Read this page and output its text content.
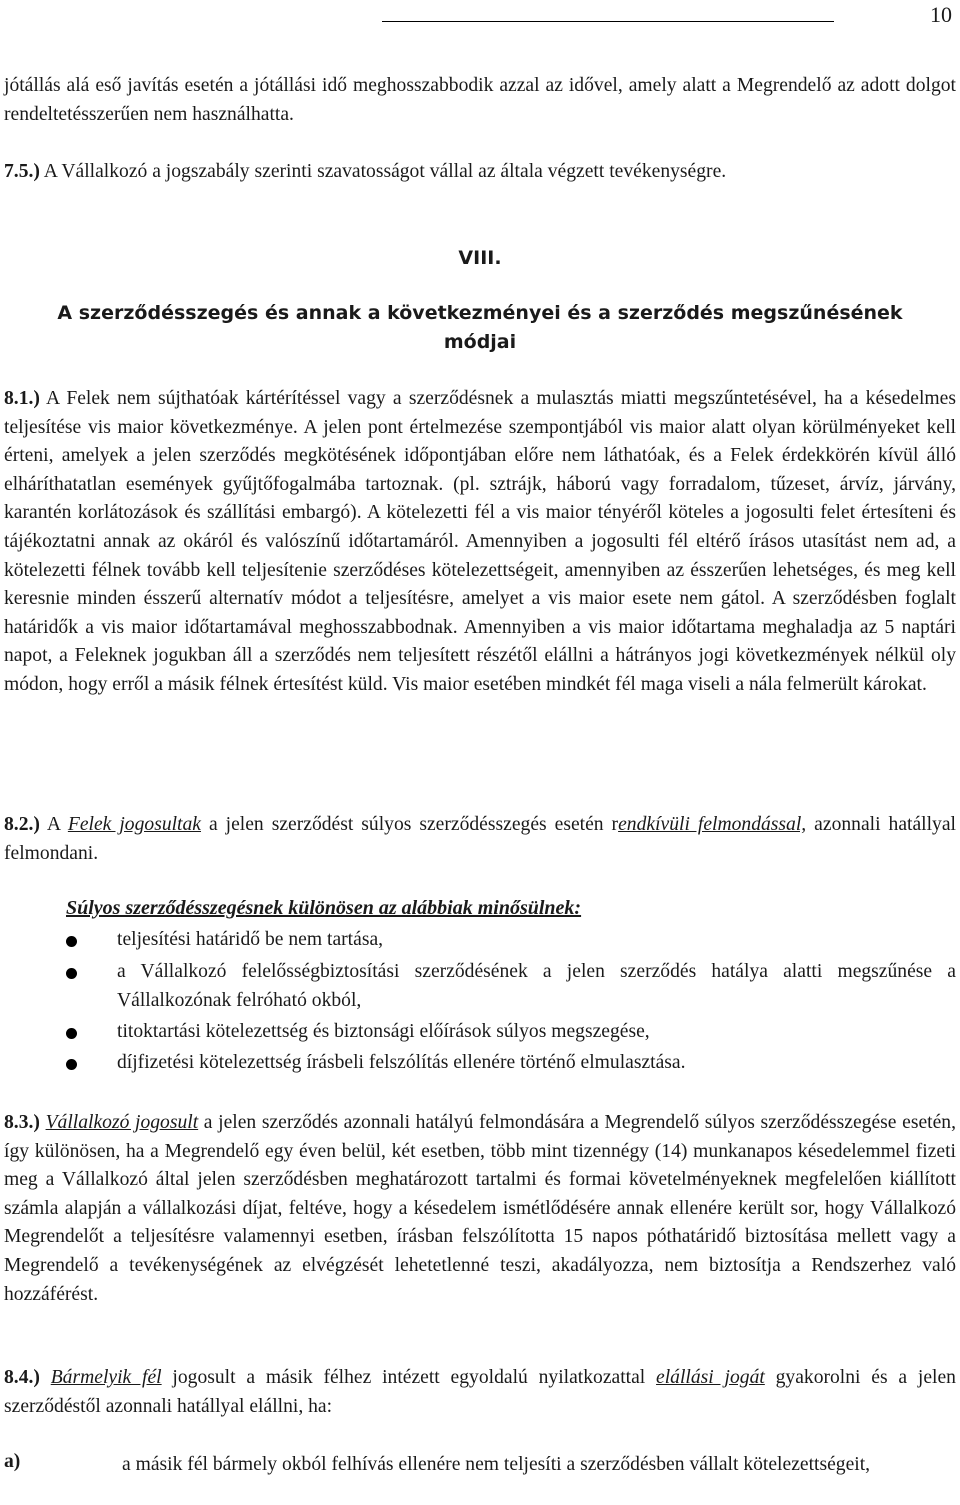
10

jótállás alá eső javítás esetén a jótállási idő meghosszabbodik azzal az idővel, amely alatt a Megrendelő az adott dolgot rendeltetésszerűen nem használhatta.

7.5.) A Vállalkozó a jogszabály szerinti szavatosságot vállal az általa végzett tevékenységre.

VIII.

A szerződésszegés és annak a következményei és a szerződés megszűnésének

módjai

8.1.) A Felek nem sújthatóak kártérítéssel vagy a szerződésnek a mulasztás miatti megszűntetésével, ha a késedelmes teljesítése vis maior következménye. A jelen pont értelmezése szempontjából vis maior alatt olyan körülményeket kell érteni, amelyek a jelen szerződés megkötésének időpontjában előre nem láthatóak, és a Felek érdekkörén kívül álló elháríthatatlan események gyűjtőfogalmába tartoznak. (pl. sztrájk, háború vagy forradalom, tűzeset, árvíz, járvány, karantén korlátozások és szállítási embargó). A kötelezetti fél a vis maior tényéről köteles a jogosulti felet értesíteni és tájékoztatni annak az okáról és valószínű időtartamáról. Amennyiben a jogosulti fél eltérő írásos utasítást nem ad, a kötelezetti félnek tovább kell teljesítenie szerződéses kötelezettségeit, amennyiben az ésszerűen lehetséges, és meg kell keresnie minden ésszerű alternatív módot a teljesítésre, amelyet a vis maior esete nem gátol. A szerződésben foglalt határidők a vis maior időtartamával meghosszabbodnak. Amennyiben a vis maior időtartama meghaladja az 5 naptári napot, a Feleknek jogukban áll a szerződés nem teljesített részétől elállni a hátrányos jogi következmények nélkül oly módon, hogy erről a másik félnek értesítést küld. Vis maior esetében mindkét fél maga viseli a nála felmerült károkat.

8.2.) A Felek jogosultak a jelen szerződést súlyos szerződésszegés esetén rendkívüli felmondással, azonnali hatállyal felmondani.

Súlyos szerződésszegésnek különösen az alábbiak minősülnek:

teljesítési határidő be nem tartása,

a Vállalkozó felelősségbiztosítási szerződésének a jelen szerződés hatálya alatti megszűnése a Vállalkozónak felróható okból,

titoktartási kötelezettség és biztonsági előírások súlyos megszegése,

díjfizetési kötelezettség írásbeli felszólítás ellenére történő elmulasztása.

8.3.) Vállalkozó jogosult a jelen szerződés azonnali hatályú felmondására a Megrendelő súlyos szerződésszegése esetén, így különösen, ha a Megrendelő egy éven belül, két esetben, több mint tizennégy (14) munkanapos késedelemmel fizeti meg a Vállalkozó által jelen szerződésben meghatározott tartalmi és formai követelményeknek megfelelően kiállított számla alapján a vállalkozási díjat, feltéve, hogy a késedelem ismétlődésére annak ellenére került sor, hogy Vállalkozó Megrendelőt a teljesítésre valamennyi esetben, írásban felszólította 15 napos póthatáridő biztosítása mellett vagy a Megrendelő a tevékenységének az elvégzését lehetetlenné teszi, akadályozza, nem biztosítja a Rendszerhez való hozzáférést.

8.4.) Bármelyik fél jogosult a másik félhez intézett egyoldalú nyilatkozattal elállási jogát gyakorolni és a jelen szerződéstől azonnali hatállyal elállni, ha:

a)	a másik fél bármely okból felhívás ellenére nem teljesíti a szerződésben vállalt kötelezettségeit,
